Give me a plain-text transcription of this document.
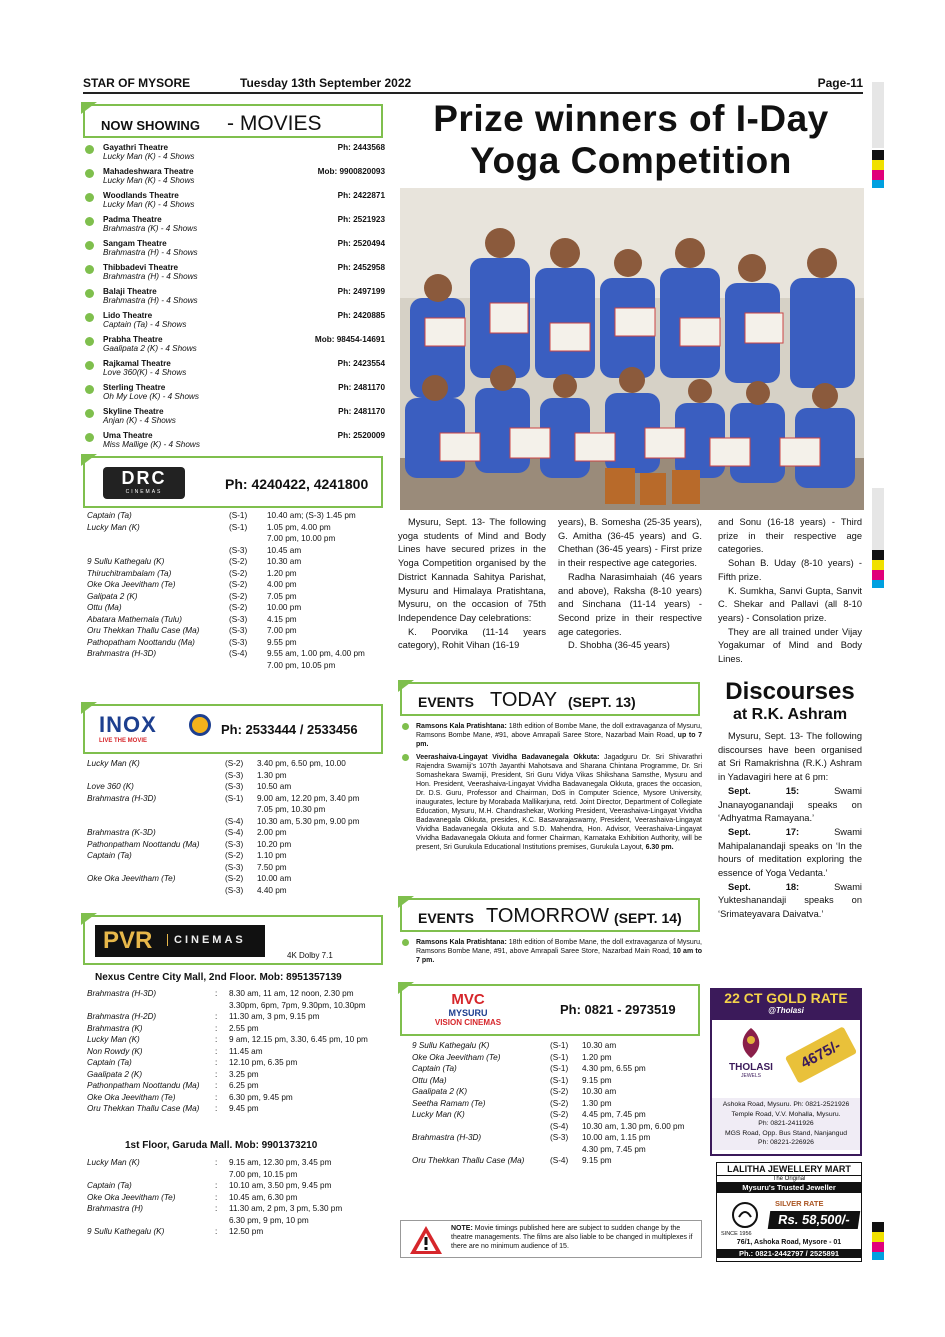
STAR OF MYSORE	Tuesday 13th September 2022	Page-11
NOW SHOWING - MOVIES
Gayathri Theatre
Lucky Man (K) - 4 Shows
Ph: 2443568
Mahadeshwara Theatre
Lucky Man (K) - 4 Shows
Mob: 9900820093
Woodlands Theatre
Lucky Man (K) - 4 Shows
Ph: 2422871
Padma Theatre
Brahmastra (K) - 4 Shows
Ph: 2521923
Sangam Theatre
Brahmastra (H) - 4 Shows
Ph: 2520494
Thibbadevi Theatre
Brahmastra (H) - 4 Shows
Ph: 2452958
Balaji Theatre
Brahmastra (H) - 4 Shows
Ph: 2497199
Lido Theatre
Captain (Ta) - 4 Shows
Ph: 2420885
Prabha Theatre
Gaalipata 2 (K) - 4 Shows
Mob: 98454-14691
Rajkamal Theatre
Love 360(K) - 4 Shows
Ph: 2423554
Sterling Theatre
Oh My Love (K) - 4 Shows
Ph: 2481170
Skyline Theatre
Anjan (K) - 4 Shows
Ph: 2481170
Uma Theatre
Miss Mallige (K) - 4 Shows
Ph: 2520009
DRC
CINEMAS	Ph: 4240422, 4241800
Captain (Ta)	(S-1)	10.40 am; (S-3) 1.45 pm
Lucky Man (K)	(S-1)	1.05 pm, 4.00 pm
		7.00 pm, 10.00 pm
	(S-3)	10.45 am
9 Sullu Kathegalu (K)	(S-2)	10.30 am
Thiruchitrambalam (Ta)	(S-2)	1.20 pm
Oke Oka Jeevitham (Te)	(S-2)	4.00 pm
Galipata 2 (K)	(S-2)	7.05 pm
Ottu (Ma)	(S-2)	10.00 pm
Abatara Mathernala (Tulu)	(S-3)	4.15 pm
Oru Thekkan Thallu Case (Ma)	(S-3)	7.00 pm
Pathopatham Noottandu (Ma)	(S-3)	9.55 pm
Brahmastra (H-3D)	(S-4)	9.55 am, 1.00 pm, 4.00 pm
		7.00 pm, 10.05 pm
INOX
LIVE THE MOVIE
Ph: 2533444 / 2533456
Lucky Man (K)	(S-2)	3.40 pm, 6.50 pm, 10.00
	(S-3)	1.30 pm
Love 360 (K)	(S-3)	10.50 am
Brahmastra (H-3D)	(S-1)	9.00 am, 12.20 pm, 3.40 pm
		7.05 pm, 10.30 pm
	(S-4)	10.30 am, 5.30 pm, 9.00 pm
Brahmastra (K-3D)	(S-4)	2.00 pm
Pathonpatham Noottandu (Ma)	(S-3)	10.20 pm
Captain (Ta)	(S-2)	1.10 pm
	(S-3)	7.50 pm
Oke Oka Jeevitham (Te)	(S-2)	10.00 am
	(S-3)	4.40 pm
PVR	CINEMAS
4K Dolby 7.1
Nexus Centre City Mall, 2nd Floor. Mob: 8951357139
Brahmastra (H-3D)	:	8.30 am, 11 am, 12 noon, 2.30 pm
		3.30pm, 6pm, 7pm, 9.30pm, 10.30pm
Brahmastra (H-2D)	:	11.30 am, 3 pm, 9.15 pm
Brahmastra (K)	:	2.55 pm
Lucky Man (K)	:	9 am, 12.15 pm, 3.30, 6.45 pm, 10 pm
Non Rowdy (K)	:	11.45 am
Captain (Ta)	:	12.10 pm, 6.35 pm
Gaalipata 2 (K)	:	3.25 pm
Pathonpatham Noottandu (Ma)	:	6.25 pm
Oke Oka Jeevitham (Te)	:	6.30 pm, 9.45 pm
Oru Thekkan Thallu Case (Ma)	:	9.45 pm
1st Floor, Garuda Mall. Mob: 9901373210
Lucky Man (K)	:	9.15 am, 12.30 pm, 3.45 pm
		7.00 pm, 10.15 pm
Captain (Ta)	:	10.10 am, 3.50 pm, 9.45 pm
Oke Oka Jeevitham (Te)	:	10.45 am, 6.30 pm
Brahmastra (H)	:	11.30 am, 2 pm, 3 pm, 5.30 pm
		6.30 pm, 9 pm, 10 pm
9 Sullu Kathegalu (K)	:	12.50 pm
Prize winners of I-Day
Yoga Competition

Mysuru, Sept. 13- The following yoga students of Mind and Body Lines have secured prizes in the Yoga Competition organised by the District Kannada Sahitya Parishat, Mysuru and Himalaya Pratishtana, Mysuru, on the occasion of 75th Independence Day celebrations:

K. Poorvika (11-14 years category), Rohit Vihan (16-19

years), B. Somesha (25-35 years), G. Amitha (36-45 years) and G. Chethan (36-45 years) - First prize in their respective age categories.

Radha Narasimhaiah (46 years and above), Raksha (8-10 years) and Sinchana (11-14 years) - Second prize in their respective age categories.

D. Shobha (36-45 years)

and Sonu (16-18 years) - Third prize in their respective age categories.

Sohan B. Uday (8-10 years) - Fifth prize.

K. Sumkha, Sanvi Gupta, Sanvit C. Shekar and Pallavi (all 8-10 years) - Consolation prize.

They are all trained under Vijay Yogakumar of Mind and Body Lines.

EVENTS TODAY (SEPT. 13)
Ramsons Kala Pratishtana: 18th edition of Bombe Mane, the doll extravaganza of Mysuru, Ramsons Bombe Mane, #91, above Amrapali Saree Store, Nazarbad Main Road, up to 7 pm.
Veerashaiva-Lingayat Vividha Badavanegala Okkuta: Jagadguru Dr. Sri Shivarathri Rajendra Swamiji's 107th Jayanthi Mahotsava and Sharana Chintana Programme, Dr. Sri Somashekara Swamiji, President, Sri Guru Vidya Vikas Shikshana Samsthe, Mysuru and Hon. President, Veerashaiva-Lingayat Vividha Badavanegala Okkuta, graces the occasion, Dr. D.S. Guru, Professor and Chairman, DoS in Computer Science, Mysore University, inaugurates, lecture by Morabada Mallikarjuna, retd. Joint Director, Department of Collegiate Education, Mysuru, M.H. Chandrashekar, Working President, Veerashaiva-Lingayat Vividha Badavanegala Okkuta, presides, K.C. Basavarajaswamy, President, Veerashaiva-Lingayat Vividha Badavanegala Okkuta and S.D. Mahendra, Hon. Advisor, Veerashaiva-Lingayat Vividha Badavanegala Okkuta and former Chairman, Karnataka Exhibition Authority, will be present, Sri Gurukula Educational Institutions premises, Gurukula Layout, 6.30 pm.
EVENTS TOMORROW (SEPT. 14)
Ramsons Kala Pratishtana: 18th edition of Bombe Mane, the doll extravaganza of Mysuru, Ramsons Bombe Mane, #91, above Amrapali Saree Store, Nazarbad Main Road, 10 am to 7 pm.
MVC
MYSURU
VISION CINEMAS
Ph: 0821 - 2973519
9 Sullu Kathegalu (K)	(S-1)	10.30 am
Oke Oka Jeevitham (Te)	(S-1)	1.20 pm
Captain (Ta)	(S-1)	4.30 pm, 6.55 pm
Ottu (Ma)	(S-1)	9.15 pm
Gaalipata 2 (K)	(S-2)	10.30 am
Seetha Ramam (Te)	(S-2)	1.30 pm
Lucky Man (K)	(S-2)	4.45 pm, 7.45 pm
	(S-4)	10.30 am, 1.30 pm, 6.00 pm
Brahmastra (H-3D)	(S-3)	10.00 am, 1.15 pm
		4.30 pm, 7.45 pm
Oru Thekkan Thallu Case (Ma)	(S-4)	9.15 pm
NOTE: Movie timings published here are subject to sudden change by the theatre managements. The films are also liable to be changed in multiplexes if there are no minimum audience of 15.
Discourses
at R.K. Ashram

Mysuru, Sept. 13- The following discourses have been organised at Sri Ramakrishna (R.K.) Ashram in Yadavagiri here at 6 pm:

Sept. 15: Swami Jnanayoganandaji speaks on ‘Adhyatma Ramayana.’

Sept. 17: Swami Mahipalanandaji speaks on ‘In the hours of meditation exploring the essence of Yoga Vedanta.’

Sept. 18: Swami Yukteshanandaji speaks on ‘Srimateyavara Daivatva.’

22 CT GOLD RATE
@Tholasi
THOLASI
JEWELS
4675/-
Ashoka Road, Mysuru. Ph: 0821-2521926
Temple Road, V.V. Mohalla, Mysuru.
Ph: 0821-2411926
MGS Road, Opp. Bus Stand, Nanjangud
Ph: 08221-226926
LALITHA JEWELLERY MART
The Original
Mysuru's Trusted Jeweller
SILVER RATE
Rs. 58,500/-
SINCE 1956
76/1, Ashoka Road, Mysore - 01
Ph.: 0821-2442797 / 2525891
